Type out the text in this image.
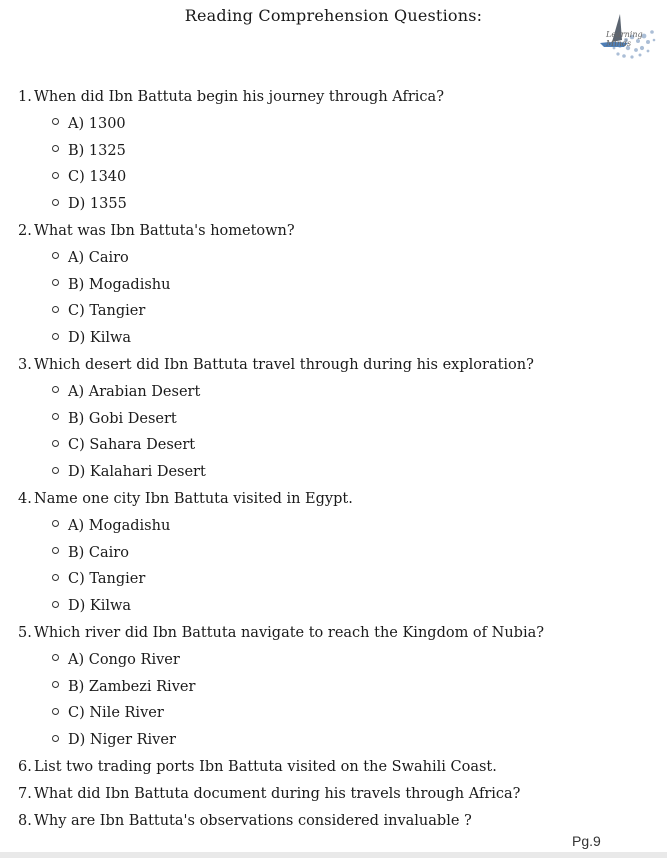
Reading Comprehension Questions:
Learning Minds
1. When did Ibn Battuta begin his journey through Africa?
A) 1300
B) 1325
C) 1340
D) 1355
2. What was Ibn Battuta's hometown?
A) Cairo
B) Mogadishu
C) Tangier
D) Kilwa
3. Which desert did Ibn Battuta travel through during his exploration?
A) Arabian Desert
B) Gobi Desert
C) Sahara Desert
D) Kalahari Desert
4. Name one city Ibn Battuta visited in Egypt.
A) Mogadishu
B) Cairo
C) Tangier
D) Kilwa
5. Which river did Ibn Battuta navigate to reach the Kingdom of Nubia?
A) Congo River
B) Zambezi River
C) Nile River
D) Niger River
6. List two trading ports Ibn Battuta visited on the Swahili Coast.
7. What did Ibn Battuta document during his travels through Africa?
8. Why are Ibn Battuta's observations considered invaluable ?
Pg.9
